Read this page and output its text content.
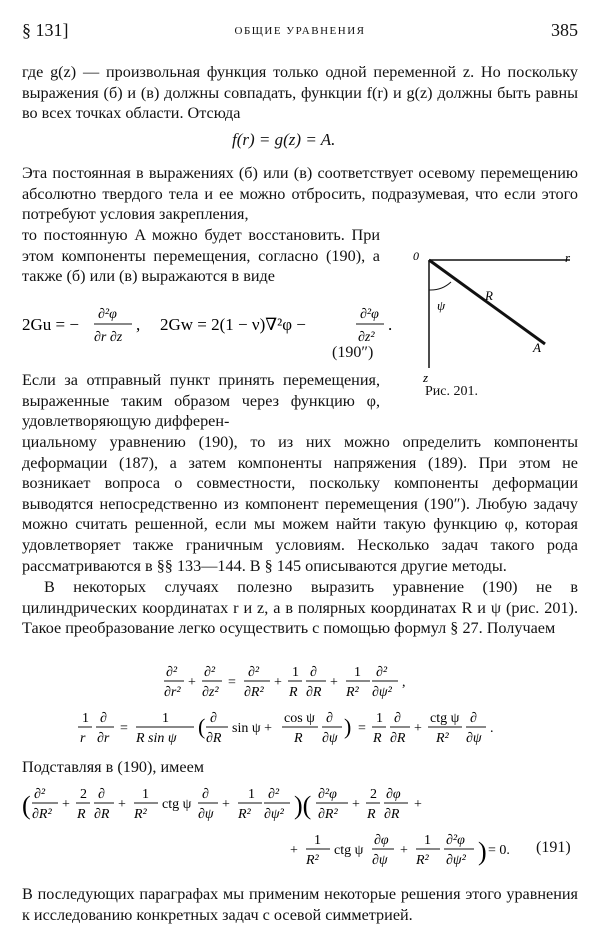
§ 131]	ОБЩИЕ УРАВНЕНИЯ	385
где g(z) — произвольная функция только одной переменной z. Но поскольку выражения (б) и (в) должны совпадать, функции f(r) и g(z) должны быть равны во всех точках области. Отсюда
f(r) = g(z) = A.
Эта постоянная в выражениях (б) или (в) соответствует осевому перемещению абсолютно твердого тела и ее можно отбросить, подразумевая, что если этого потребуют условия закрепления,
то постоянную A можно будет восстановить. При этом компоненты перемещения, согласно (190), а также (б) или (в) выражаются в виде
2Gu = −
∂²φ
∂r ∂z
, 2Gw = 2(1 − ν)∇²φ −
∂²φ
∂z²
.
(190″)
Если за отправный пункт принять перемещения, выраженные таким образом через функцию φ, удовлетворяющую дифферен-
циальному уравнению (190), то из них можно определить компоненты деформации (187), а затем компоненты напряжения (189). При этом не возникает вопроса о совместности, поскольку компоненты деформации выводятся непосредственно из компонент перемещения (190″). Любую задачу можно считать решенной, если мы можем найти такую функцию φ, которая удовлетворяет также граничным условиям. Несколько задач такого рода рассматриваются в §§ 133—144. В § 145 описываются другие методы.
0	r
z
ψ
R
A
Рис. 201.
В некоторых случаях полезно выразить уравнение (190) не в цилиндрических координатах r и z, а в полярных координатах R и ψ (рис. 201). Такое преобразование легко осуществить с помощью формул § 27. Получаем
∂²
∂r²
+
∂²
∂z²
=
∂²
∂R²
+
1
R
∂
∂R
+
1
R²
∂²
∂ψ²
,
1
r
∂
∂r
=
1
R sin ψ ( ∂
∂R
sin ψ +
cos ψ
R
∂
∂ψ ) =
1
R
∂
∂R
+
ctg ψ
R²
∂
∂ψ
.
Подставляя в (190), имеем
( ∂²
∂R²
+
2
R
∂
∂R
+
1
R²
ctg ψ
∂
∂ψ
+
1
R²
∂²
∂ψ² )( ∂²φ
∂R²
+
2
R
∂φ
∂R
+
+
1
R²
ctg ψ
∂φ
∂ψ
+
1
R²
∂²φ
∂ψ² ) = 0. (191)
В последующих параграфах мы применим некоторые решения этого уравнения к исследованию конкретных задач с осевой симметрией.
